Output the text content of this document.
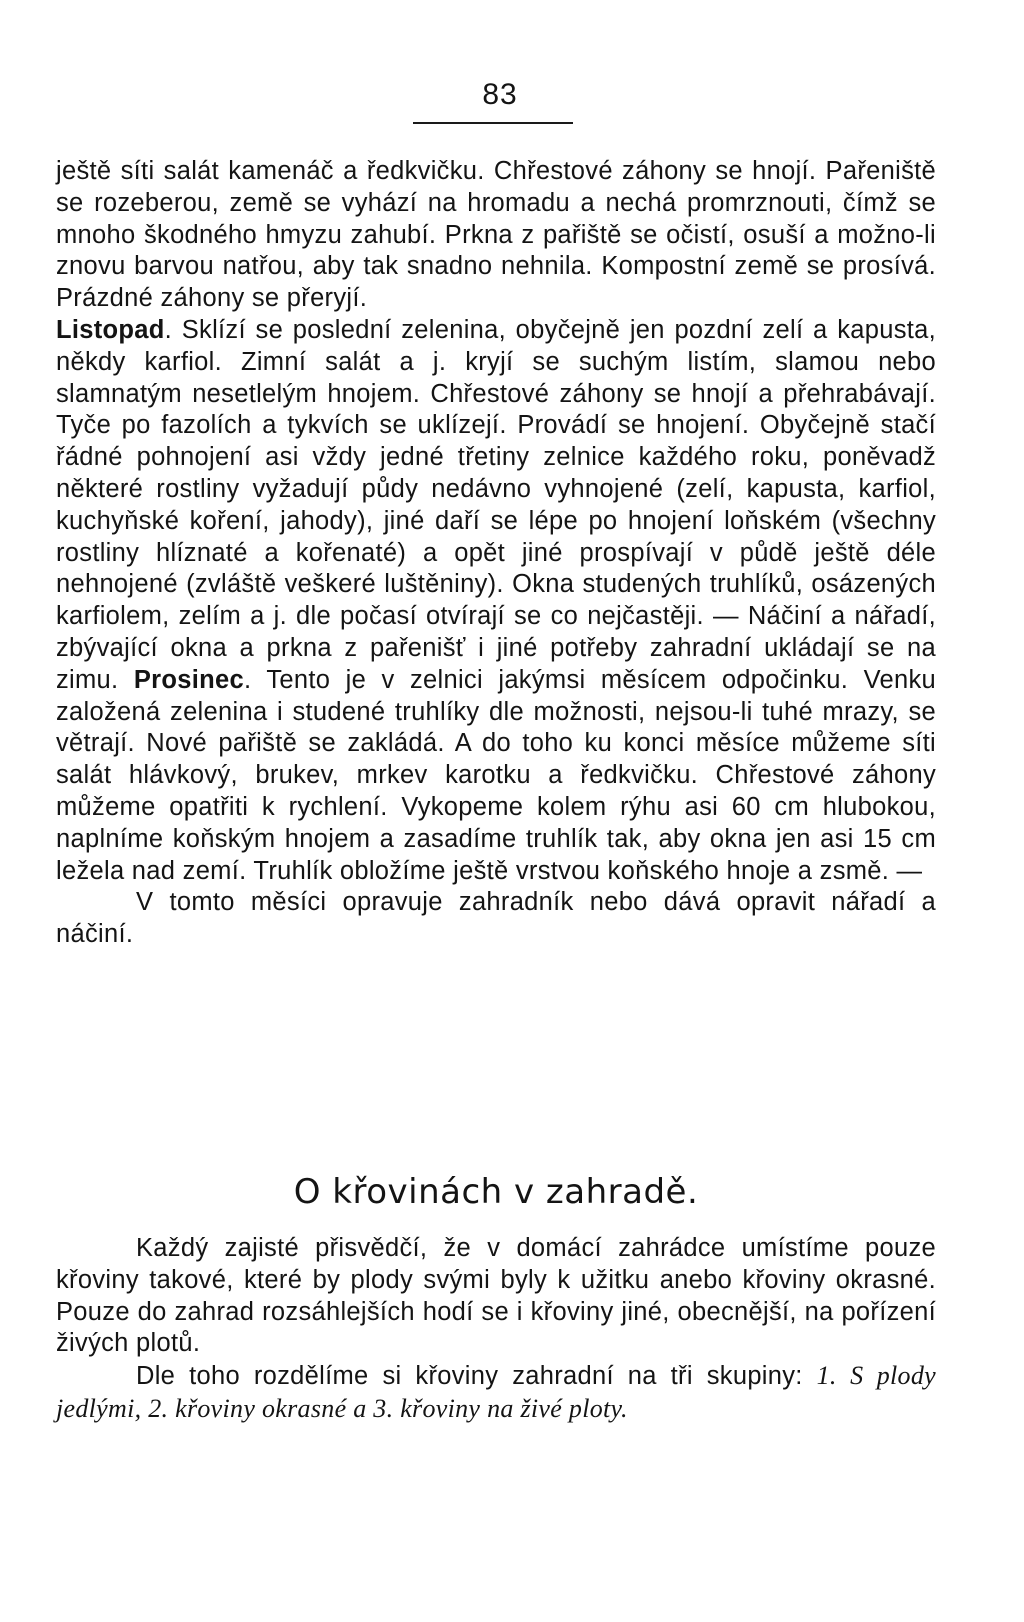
83

ještě síti salát kamenáč a ředkvičku. Chřestové záhony se hnojí. Pařeniště se rozeberou, země se vyhází na hromadu a nechá promrznouti, čímž se mnoho škodného hmyzu zahubí. Prkna z pařiště se očistí, osuší a možno-li znovu barvou natřou, aby tak snadno nehnila. Kompostní země se prosívá. Prázdné záhony se přeryjí.

Listopad. Sklízí se poslední zelenina, obyčejně jen pozdní zelí a kapusta, někdy karfiol. Zimní salát a j. kryjí se suchým listím, slamou nebo slamnatým nesetlelým hnojem. Chřestové záhony se hnojí a přehrabávají. Tyče po fazolích a tykvích se uklízejí. Provádí se hnojení. Obyčejně stačí řádné pohnojení asi vždy jedné třetiny zelnice každého roku, poněvadž některé rostliny vyžadují půdy nedávno vyhnojené (zelí, kapusta, karfiol, kuchyňské koření, jahody), jiné daří se lépe po hnojení loňském (všechny rostliny hlíznaté a kořenaté) a opět jiné prospívají v půdě ještě déle nehnojené (zvláště veškeré luštěniny). Okna studených truhlíků, osázených karfiolem, zelím a j. dle počasí otvírají se co nejčastěji. — Náčiní a nářadí, zbývající okna a prkna z pařenišť i jiné potřeby zahradní ukládají se na zimu. Prosinec. Tento je v zelnici jakýmsi měsícem odpočinku. Venku založená zelenina i studené truhlíky dle možnosti, nejsou-li tuhé mrazy, se větrají. Nové pařiště se zakládá. A do toho ku konci měsíce můžeme síti salát hlávkový, brukev, mrkev karotku a ředkvičku. Chřestové záhony můžeme opatřiti k rychlení. Vykopeme kolem rýhu asi 60 cm hlubokou, naplníme koňským hnojem a zasadíme truhlík tak, aby okna jen asi 15 cm ležela nad zemí. Truhlík obložíme ještě vrstvou koňského hnoje a zsmě. —

V tomto měsíci opravuje zahradník nebo dává opravit nářadí a náčiní.

O křovinách v zahradě.

Každý zajisté přisvědčí, že v domácí zahrádce umístíme pouze křoviny takové, které by plody svými byly k užitku anebo křoviny okrasné. Pouze do zahrad rozsáhlejších hodí se i křoviny jiné, obecnější, na pořízení živých plotů.

Dle toho rozdělíme si křoviny zahradní na tři skupiny: 1. S plody jedlými, 2. křoviny okrasné a 3. křoviny na živé ploty.
